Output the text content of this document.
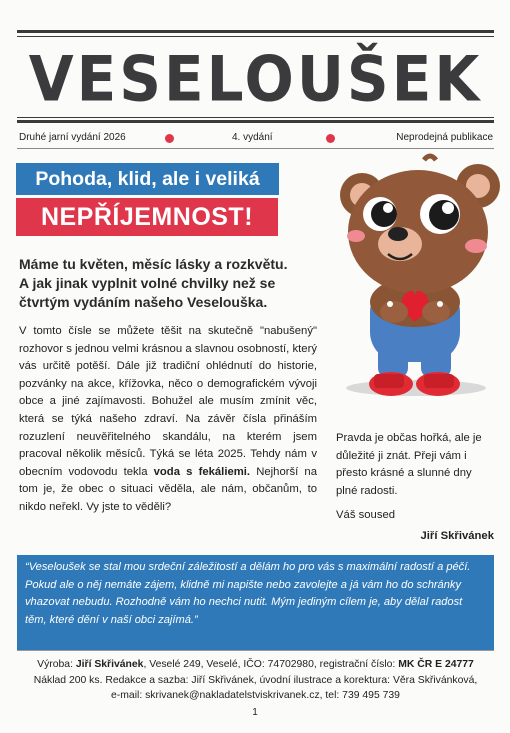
VESELOUŠEK
Druhé jarní vydání 2026	4. vydání	Neprodejná publikace
Pohoda, klid, ale i veliká
NEPŘÍJEMNOST!
Máme tu květen, měsíc lásky a rozkvětu.
A jak jinak vyplnit volné chvilky než se
čtvrtým vydáním našeho Veselouška.
V tomto čísle se můžete těšit na skutečně "nabušený" rozhovor s jednou velmi krásnou a slavnou osobností, který vás určitě potěší. Dále již tradiční ohlédnutí do historie, pozvánky na akce, křížovka, něco o demografickém vývoji obce a jiné zajímavosti. Bohužel ale musím zmínit věc, která se týká našeho zdraví. Na závěr čísla přináším rozuzlení neuvěřitelného skandálu, na kterém jsem pracoval několik měsíců. Týká se léta 2025. Tehdy nám v obecním vodovodu tekla voda s fekáliemi. Nejhorší na tom je, že obec o situaci věděla, ale nám, občanům, to nikdo neřekl. Vy jste to věděli?
Pravda je občas hořká, ale je důležité ji znát. Přeji vám i přesto krásné a slunné dny plné radosti.
Váš soused
Jiří Skřivánek
“Veseloušek se stal mou srdeční záležitostí a dělám ho pro vás s maximální radostí a péčí. Pokud ale o něj nemáte zájem, klidně mi napište nebo zavolejte a já vám ho do schránky vhazovat nebudu. Rozhodně vám ho nechci nutit. Mým jediným cílem je, aby dělal radost těm, které dění v naší obci zajímá.”
Výroba: Jiří Skřivánek, Veselé 249, Veselé, IČO: 74702980, registrační číslo: MK ČR E 24777
Náklad 200 ks. Redakce a sazba: Jiří Skřivánek, úvodní ilustrace a korektura: Věra Skřivánková,
e-mail: skrivanek@nakladatelstviskrivanek.cz, tel: 739 495 739
1
